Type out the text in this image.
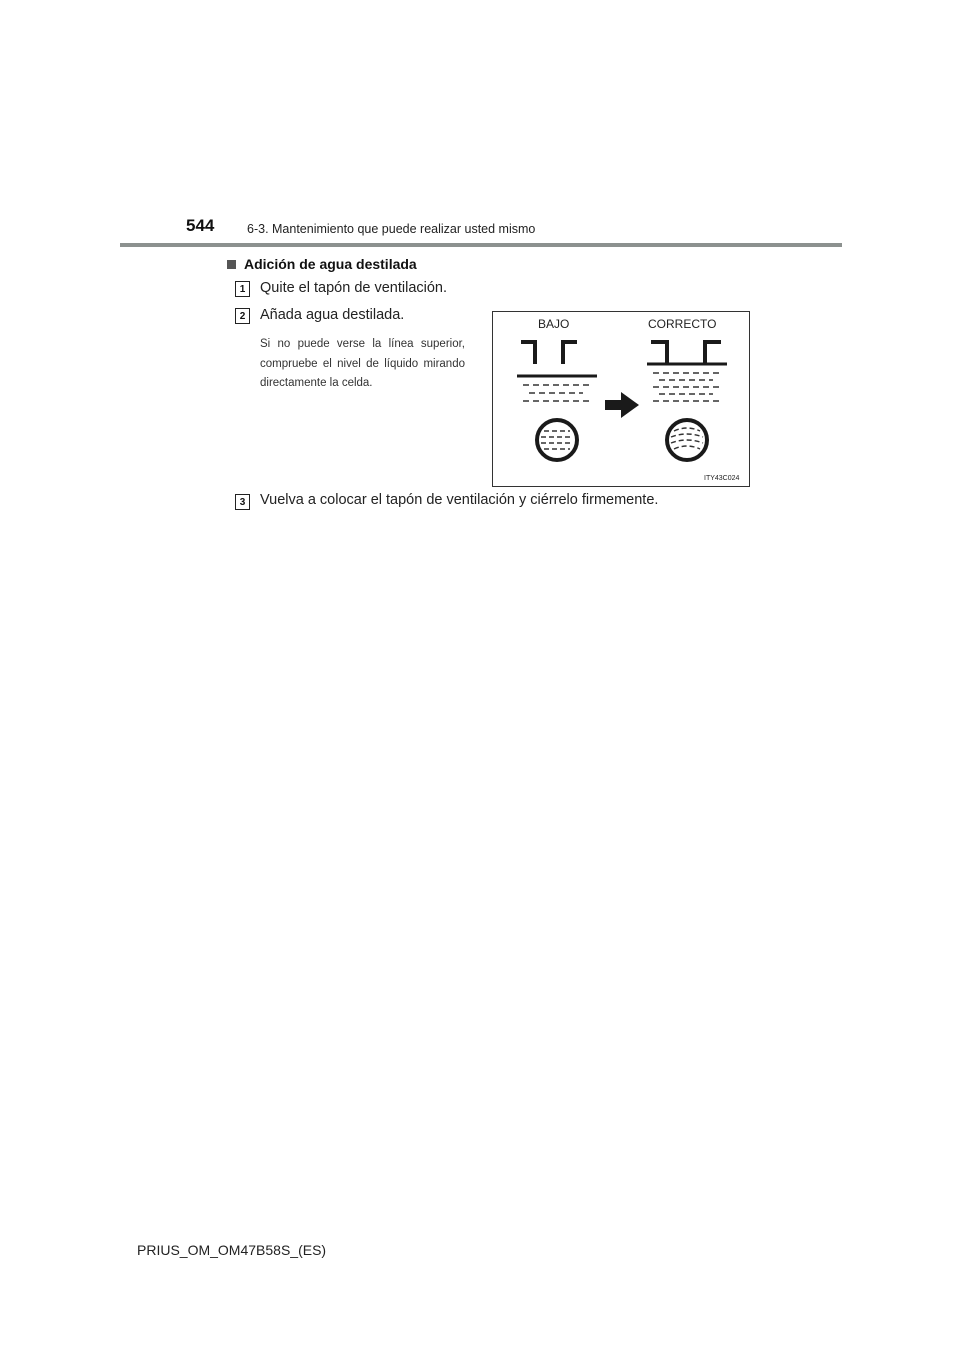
544	6-3. Mantenimiento que puede realizar usted mismo
Adición de agua destilada
1	Quite el tapón de ventilación.
2	Añada agua destilada.
Si no puede verse la línea superior, compruebe el nivel de líquido mirando directamente la celda.
BAJO	CORRECTO
ITY43C024
3	Vuelva a colocar el tapón de ventilación y ciérrelo firmemente.
PRIUS_OM_OM47B58S_(ES)
